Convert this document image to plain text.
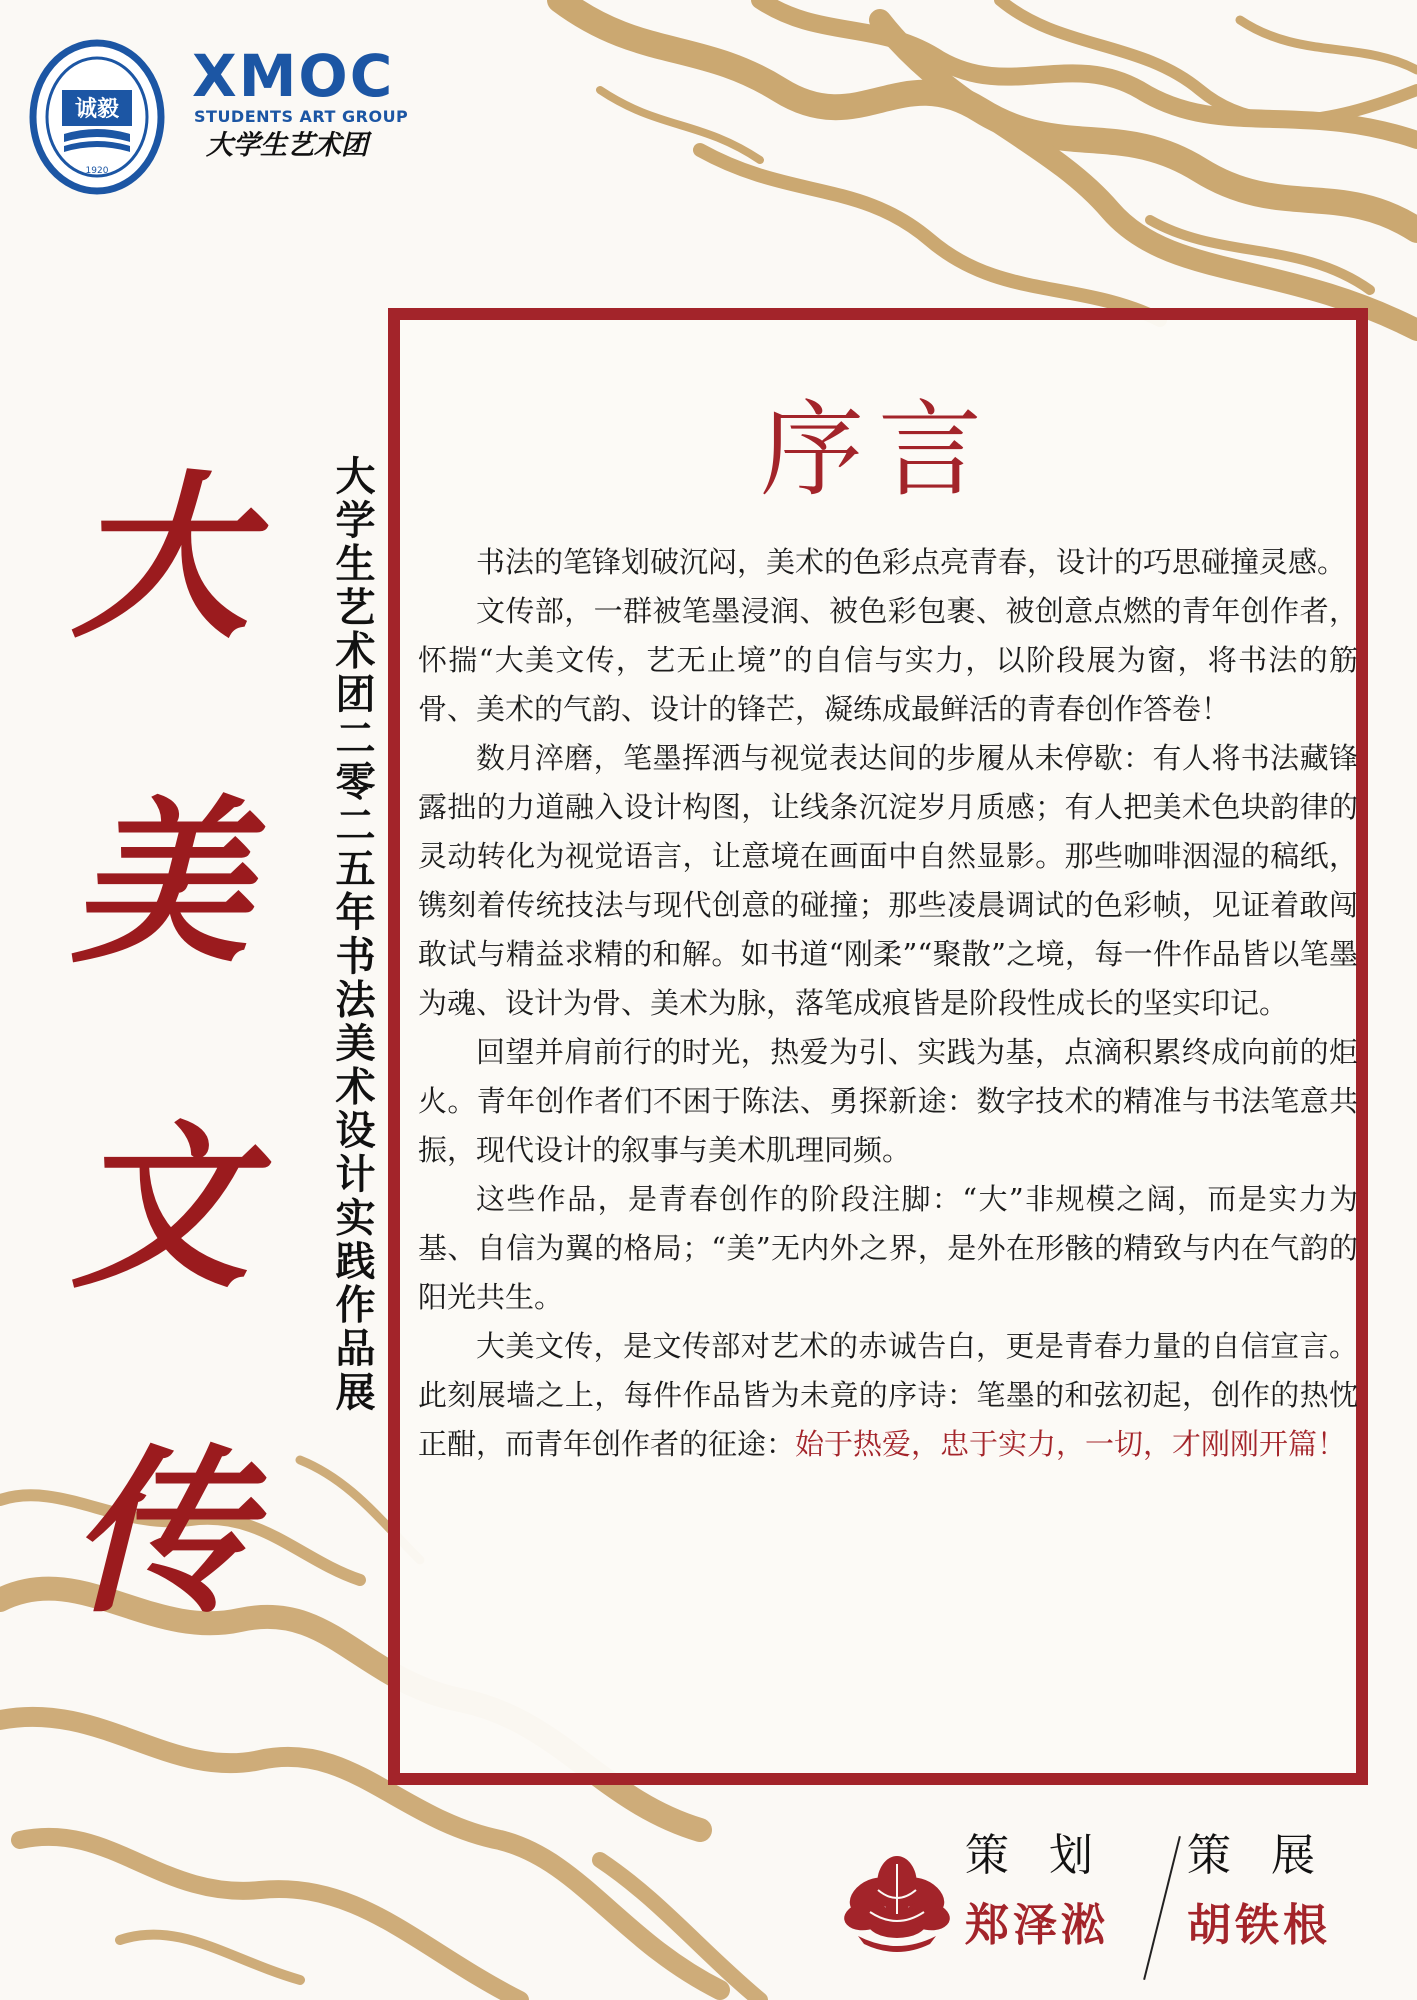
诚毅
1920
XMOC
STUDENTS ART GROUP
大学生艺术团
大
美
文
传
大学生艺术团二零二五年书法美术设计实践作品展
序言

书法的笔锋划破沉闷，美术的色彩点亮青春，设计的巧思碰撞灵感。

文传部，一群被笔墨浸润、被色彩包裹、被创意点燃的青年创作者，怀揣“大美文传，艺无止境”的自信与实力，以阶段展为窗，将书法的筋骨、美术的气韵、设计的锋芒，凝练成最鲜活的青春创作答卷！

数月淬磨，笔墨挥洒与视觉表达间的步履从未停歇：有人将书法藏锋露拙的力道融入设计构图，让线条沉淀岁月质感；有人把美术色块韵律的灵动转化为视觉语言，让意境在画面中自然显影。那些咖啡洇湿的稿纸，镌刻着传统技法与现代创意的碰撞；那些凌晨调试的色彩帧，见证着敢闯敢试与精益求精的和解。如书道“刚柔”“聚散”之境，每一件作品皆以笔墨为魂、设计为骨、美术为脉，落笔成痕皆是阶段性成长的坚实印记。

回望并肩前行的时光，热爱为引、实践为基，点滴积累终成向前的炬火。青年创作者们不困于陈法、勇探新途：数字技术的精准与书法笔意共振，现代设计的叙事与美术肌理同频。

这些作品，是青春创作的阶段注脚：“大”非规模之阔，而是实力为基、自信为翼的格局；“美”无内外之界，是外在形骸的精致与内在气韵的阳光共生。

大美文传，是文传部对艺术的赤诚告白，更是青春力量的自信宣言。此刻展墙之上，每件作品皆为未竟的序诗：笔墨的和弦初起，创作的热忱正酣，而青年创作者的征途：始于热爱，忠于实力，一切，才刚刚开篇！

策划 策展
郑泽淞 胡铁根
